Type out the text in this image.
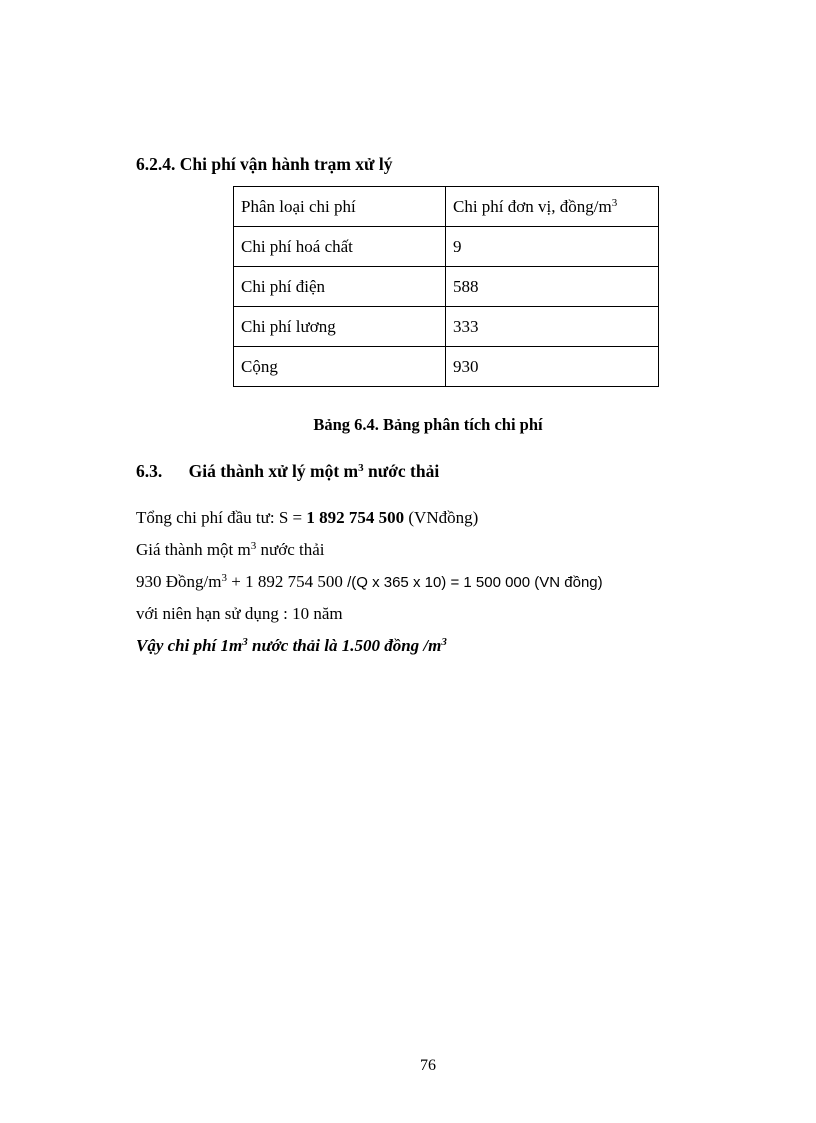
6.2.4. Chi phí vận hành trạm xử lý
Phân loại chi phí	Chi phí đơn vị, đồng/$m^3$
Chi phí hoá chất	9
Chi phí điện	588
Chi phí lương	333
Cộng	930
Bảng 6.4. Bảng phân tích chi phí
6.3. Giá thành xử lý một $m^3$ nước thải
Tổng chi phí đầu tư: S = 1 892 754 500 (VNđồng)
Giá thành một $m^3$ nước thải
930 Đồng/$m^3 + 1$ 892 754 500 /(Q x 365 x 10) = 1 500 000 (VN đồng)
với niên hạn sử dụng : 10 năm
Vậy chi phí $1m^3$ nước thải là 1.500 đồng $/m^3$
76
